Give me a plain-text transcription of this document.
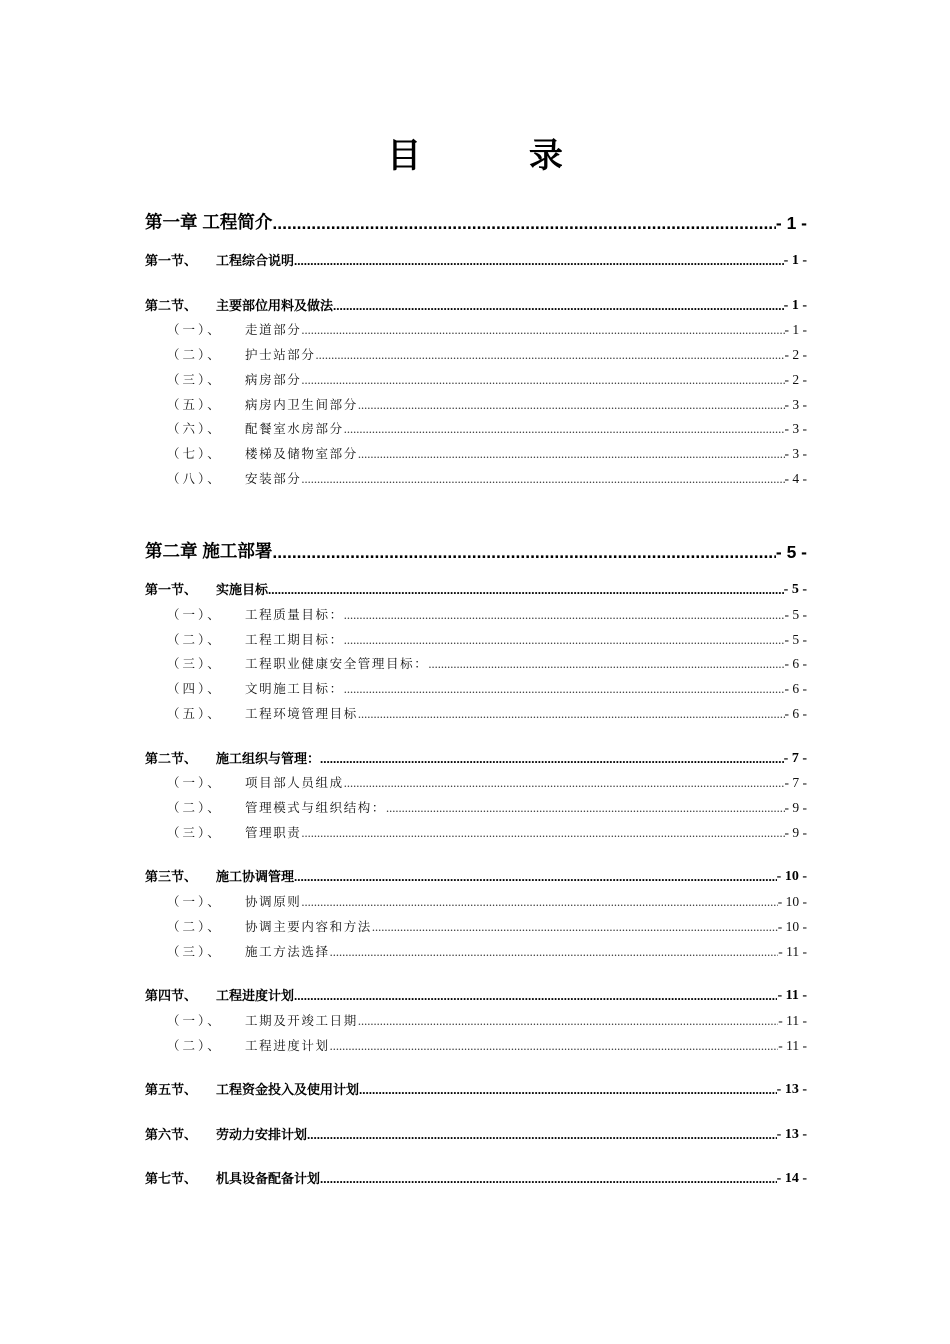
目 录
第一章 工程简介 .....	- 1 -
第一节、 工程综合说明 .....	- 1 -
第二节、 主要部位用料及做法 .....	- 1 -
（一）、 走道部分 .....	- 1 -
（二）、 护士站部分 .....	- 2 -
（三）、 病房部分 .....	- 2 -
（五）、 病房内卫生间部分 .....	- 3 -
（六）、 配餐室水房部分 .....	- 3 -
（七）、 楼梯及储物室部分 .....	- 3 -
（八）、 安装部分 .....	- 4 -
第二章 施工部署 .....	- 5 -
第一节、 实施目标 .....	- 5 -
（一）、 工程质量目标： .....	- 5 -
（二）、 工程工期目标： .....	- 5 -
（三）、 工程职业健康安全管理目标： .....	- 6 -
（四）、 文明施工目标： .....	- 6 -
（五）、 工程环境管理目标 .....	- 6 -
第二节、 施工组织与管理： .....	- 7 -
（一）、 项目部人员组成 .....	- 7 -
（二）、 管理模式与组织结构： .....	- 9 -
（三）、 管理职责 .....	- 9 -
第三节、 施工协调管理 .....	- 10 -
（一）、 协调原则 .....	- 10 -
（二）、 协调主要内容和方法 .....	- 10 -
（三）、 施工方法选择 .....	- 11 -
第四节、 工程进度计划 .....	- 11 -
（一）、 工期及开竣工日期 .....	- 11 -
（二）、 工程进度计划 .....	- 11 -
第五节、 工程资金投入及使用计划 .....	- 13 -
第六节、 劳动力安排计划 .....	- 13 -
第七节、 机具设备配备计划 .....	- 14 -
